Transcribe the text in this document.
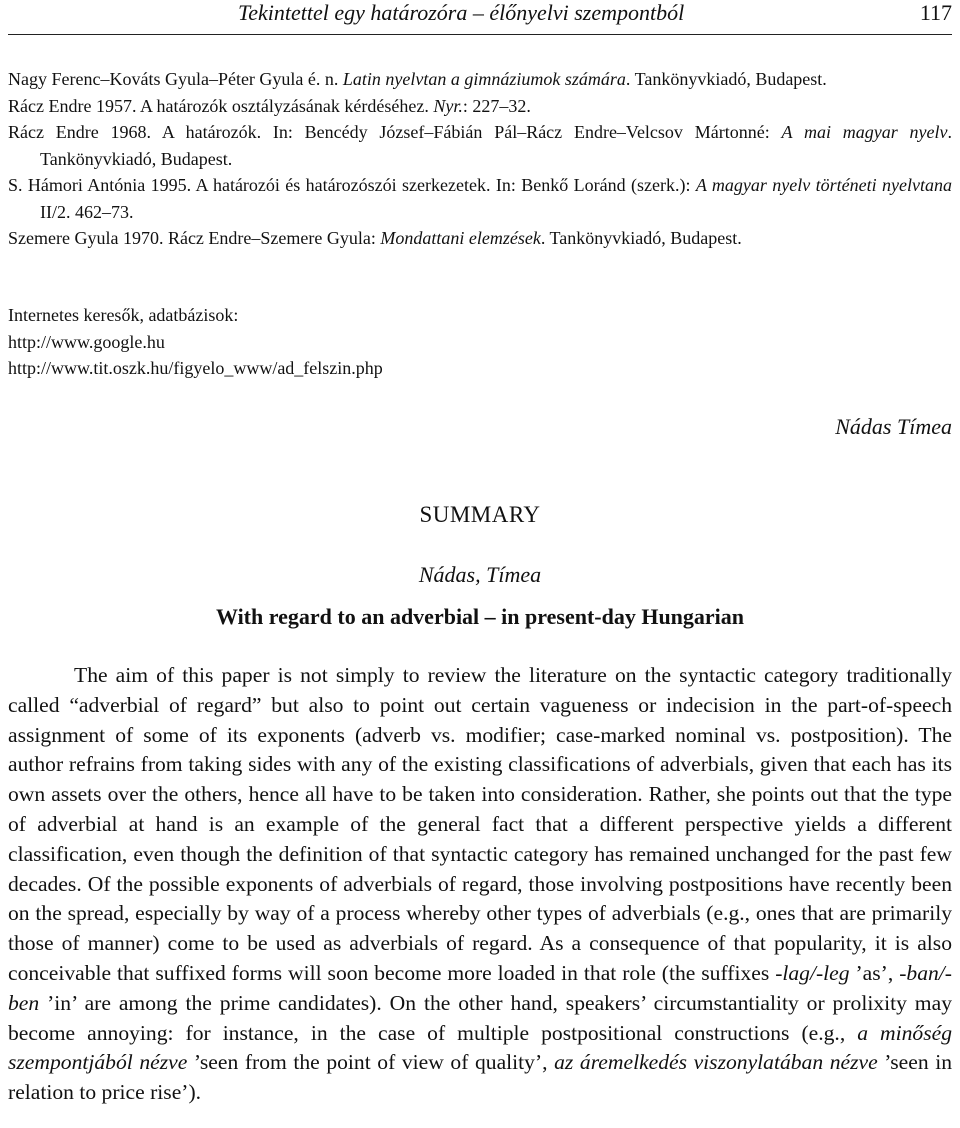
Tekintettel egy határozóra – élőnyelvi szempontból	117

Nagy Ferenc–Kováts Gyula–Péter Gyula é. n. Latin nyelvtan a gimnáziumok számára. Tankönyvkiadó, Budapest.

Rácz Endre 1957. A határozók osztályzásának kérdéséhez. Nyr.: 227–32.

Rácz Endre 1968. A határozók. In: Bencédy József–Fábián Pál–Rácz Endre–Velcsov Mártonné: A mai magyar nyelv. Tankönyvkiadó, Budapest.

S. Hámori Antónia 1995. A határozói és határozószói szerkezetek. In: Benkő Loránd (szerk.): A magyar nyelv történeti nyelvtana II/2. 462–73.

Szemere Gyula 1970. Rácz Endre–Szemere Gyula: Mondattani elemzések. Tankönyvkiadó, Budapest.

Internetes keresők, adatbázisok:
http://www.google.hu
http://www.tit.oszk.hu/figyelo_www/ad_felszin.php
Nádas Tímea
SUMMARY
Nádas, Tímea
With regard to an adverbial – in present-day Hungarian

The aim of this paper is not simply to review the literature on the syntactic category traditionally called “adverbial of regard” but also to point out certain vagueness or indecision in the part-of-speech assignment of some of its exponents (adverb vs. modifier; case-marked nominal vs. postposition). The author refrains from taking sides with any of the existing classifications of adverbials, given that each has its own assets over the others, hence all have to be taken into consideration. Rather, she points out that the type of adverbial at hand is an example of the general fact that a different perspective yields a different classification, even though the definition of that syntactic category has remained unchanged for the past few decades. Of the possible exponents of adverbials of regard, those involving postpositions have recently been on the spread, especially by way of a process whereby other types of adverbials (e.g., ones that are primarily those of manner) come to be used as adverbials of regard. As a consequence of that popularity, it is also conceivable that suffixed forms will soon become more loaded in that role (the suffixes -lag/-leg ’as’, -ban/-ben ’in’ are among the prime candidates). On the other hand, speakers’ circumstantiality or prolixity may become annoying: for instance, in the case of multiple postpositional constructions (e.g., a minőség szempontjából nézve ’seen from the point of view of quality’, az áremelkedés viszonylatában nézve ’seen in relation to price rise’).
